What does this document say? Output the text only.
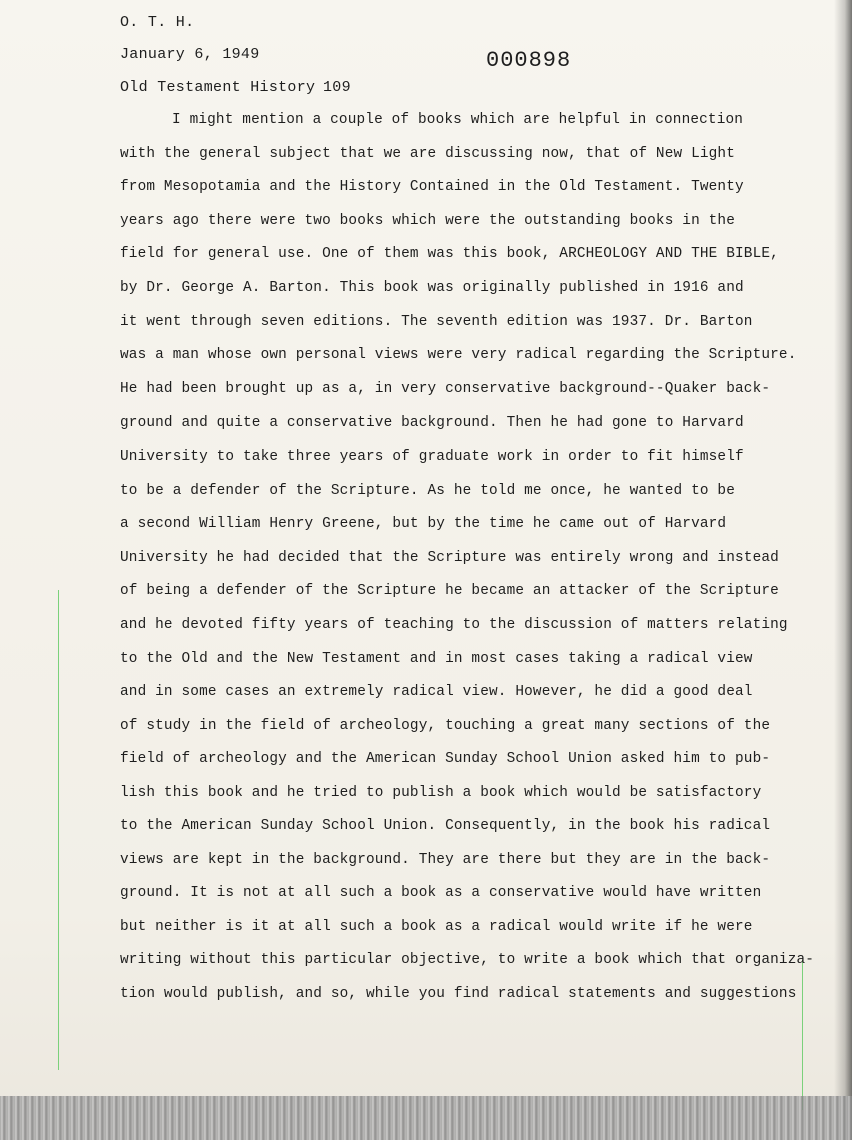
O. T. H.
January 6, 1949
Old Testament History 109
000898
I might mention a couple of books which are helpful in connection
with the general subject that we are discussing now, that of New Light
from Mesopotamia and the History Contained in the Old Testament. Twenty
years ago there were two books which were the outstanding books in the
field for general use. One of them was this book, ARCHEOLOGY AND THE BIBLE,
by Dr. George A. Barton. This book was originally published in 1916 and
it went through seven editions. The seventh edition was 1937. Dr. Barton
was a man whose own personal views were very radical regarding the Scripture.
He had been brought up as a, in very conservative background--Quaker back-
ground and quite a conservative background. Then he had gone to Harvard
University to take three years of graduate work in order to fit himself
to be a defender of the Scripture. As he told me once, he wanted to be
a second William Henry Greene, but by the time he came out of Harvard
University he had decided that the Scripture was entirely wrong and instead
of being a defender of the Scripture he became an attacker of the Scripture
and he devoted fifty years of teaching to the discussion of matters relating
to the Old and the New Testament and in most cases taking a radical view
and in some cases an extremely radical view. However, he did a good deal
of study in the field of archeology, touching a great many sections of the
field of archeology and the American Sunday School Union asked him to pub-
lish this book and he tried to publish a book which would be satisfactory
to the American Sunday School Union. Consequently, in the book his radical
views are kept in the background. They are there but they are in the back-
ground. It is not at all such a book as a conservative would have written
but neither is it at all such a book as a radical would write if he were
writing without this particular objective, to write a book which that organiza-
tion would publish, and so, while you find radical statements and suggestions
